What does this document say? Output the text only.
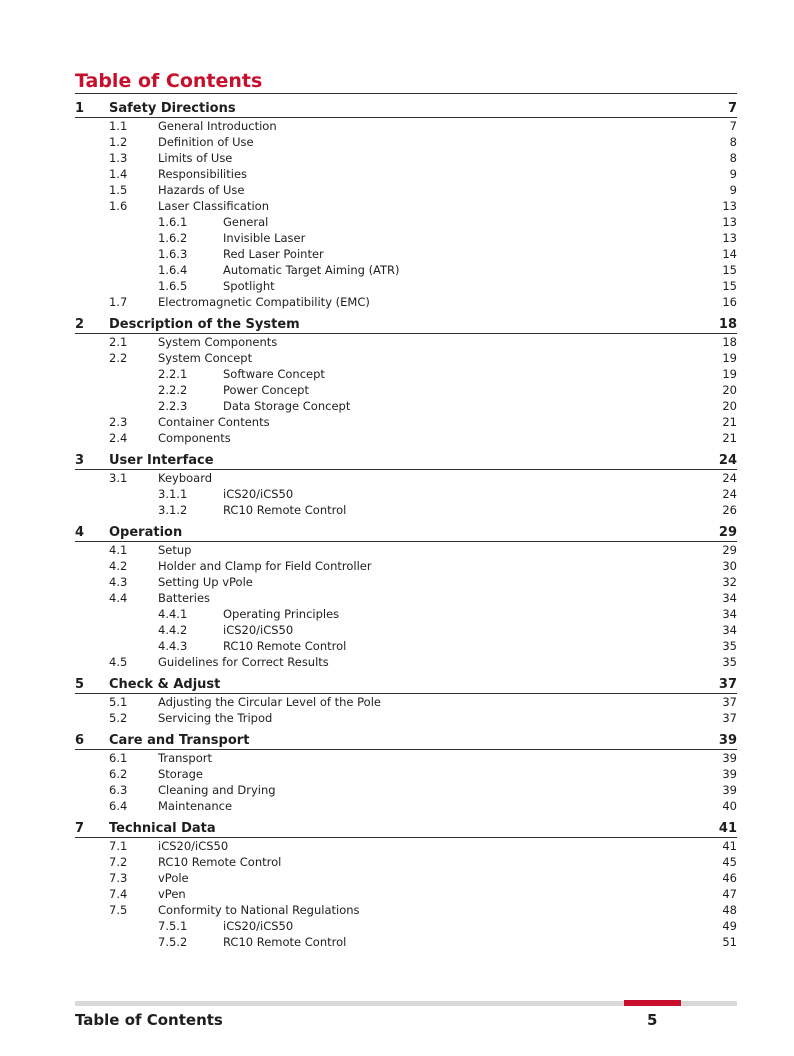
Table of Contents
1 Safety Directions	7
1.1	General Introduction	7
1.2	Definition of Use	8
1.3	Limits of Use	8
1.4	Responsibilities	9
1.5	Hazards of Use	9
1.6	Laser Classification	13
1.6.1	General	13
1.6.2	Invisible Laser	13
1.6.3	Red Laser Pointer	14
1.6.4	Automatic Target Aiming (ATR)	15
1.6.5	Spotlight	15
1.7	Electromagnetic Compatibility (EMC)	16
2 Description of the System	18
2.1	System Components	18
2.2	System Concept	19
2.2.1	Software Concept	19
2.2.2	Power Concept	20
2.2.3	Data Storage Concept	20
2.3	Container Contents	21
2.4	Components	21
3 User Interface	24
3.1	Keyboard	24
3.1.1	iCS20/iCS50	24
3.1.2	RC10 Remote Control	26
4 Operation	29
4.1	Setup	29
4.2	Holder and Clamp for Field Controller	30
4.3	Setting Up vPole	32
4.4	Batteries	34
4.4.1	Operating Principles	34
4.4.2	iCS20/iCS50	34
4.4.3	RC10 Remote Control	35
4.5	Guidelines for Correct Results	35
5 Check & Adjust	37
5.1	Adjusting the Circular Level of the Pole	37
5.2	Servicing the Tripod	37
6 Care and Transport	39
6.1	Transport	39
6.2	Storage	39
6.3	Cleaning and Drying	39
6.4	Maintenance	40
7 Technical Data	41
7.1	iCS20/iCS50	41
7.2	RC10 Remote Control	45
7.3	vPole	46
7.4	vPen	47
7.5	Conformity to National Regulations	48
7.5.1	iCS20/iCS50	49
7.5.2	RC10 Remote Control	51
Table of Contents	5
